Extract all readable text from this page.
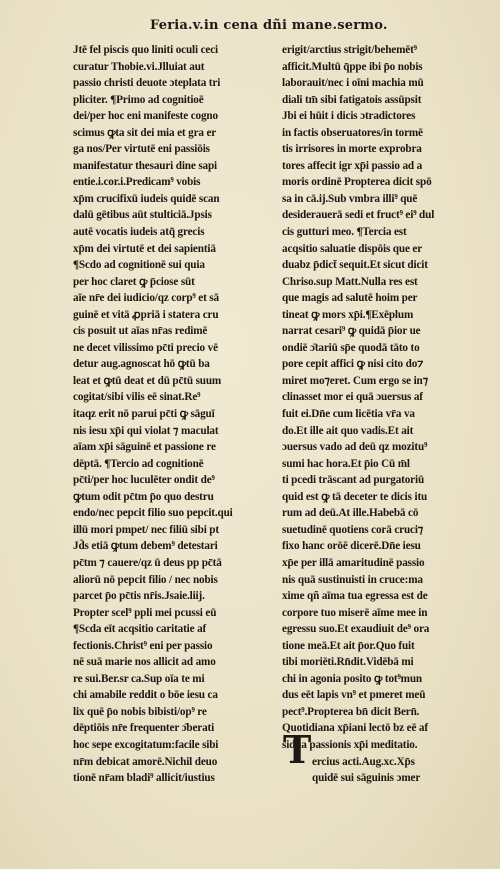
Feria.v.in cena dñi mane.sermo.
Jtē fel piscis quo liniti oculi ceci
curatur Thobie.vi.Jlluiat aut
passio christi deuote ɔteplata tri
pliciter. ¶Primo ad cognitioē
dei/per hoc eni manifeste cogno
scimus ꝙta sit dei mia et gra er
ga nos/Per virtutē eni passiōis
manifestatur thesauri dine sapi
entie.i.cor.i.Predicam⁹ vobis
xp̄m crucifixū iudeis quidē scan
dalū gētibus aūt stulticiā.Jpsis
autē vocatis iudeis atq̃ grecis
xp̄m dei virtutē et dei sapientiā
¶Scdo ad cognitionē sui quia
per hoc claret ꝙ p̄ciose sūt
aīe nr̄e dei iudicio/qz corp⁹ et sā
guinē et vitā ꝓpriā i statera cru
cis posuit ut aīas nr̄as redimē
ne decet vilissimo pc̄ti precio vē
detur aug.agnoscat hō ꝙtū ba
leat et ꝙtū deat et dū pc̄tū suum
cogitat/sibi vilis eē sinat.Re⁹
itaqz erit nō parui pc̄ti ꝙ sāguī
nis iesu xp̄i qui violat ⁊ maculat
aīam xp̄i sāguinē et passione re
dēptā. ¶Tercio ad cognitionē
pc̄ti/per hoc luculēter ondit de⁹
ꝙtum odit pc̄tm p̄o quo destru
endo/nec pepcit filio suo pepcit.qui
illū mori pmpet/ nec filiū sibi pt
Jd̄s etiā ꝙtum debem⁹ detestari
pc̄tm ⁊ cauere/qz ū deus pp pc̄tā
aliorū nō pepcit filio / nec nobis
parcet p̄o pc̄tis nr̄is.Jsaie.liij.
Propter scel⁹ ppli mei pcussi eū
¶Scda eīt acqsitio caritatie af
fectionis.Christ⁹ eni per passio
nē suā marie nos allicit ad amo
re sui.Ber.sr ca.Sup oīa te mi
chi amabile reddit o bōe iesu ca
lix quē p̄o nobis bibisti/op⁹ re
dēptiōis nr̄e frequenter ɔ̄berati
hoc sepe excogitatum:facile sibi
nr̄m debicat amorē.Nichil deuo
tionē nr̄am bladi⁹ allicit/iustius
erigit/arctius strigit/behemēt⁹
afficit.Multū q̄ppe ibi p̄o nobis
laborauit/nec i oīni machia mū
diali tm̄ sibi fatigatois assūpsit
Jbi ei hūit i dicis ɔtradictores
in factis obseruatores/in tormē
tis irrisores in morte exprobra
tores affecit igr xp̄i passio ad a
moris ordinē Propterea dicit spō
sa in cā.ij.Sub vmbra illi⁹ quē
desiderauerā sedi et fruct⁹ ei⁹ dul
cis gutturi meo. ¶Tercia est
acqsitio saluatie dispōis que er
duabz p̄dict̄ sequit.Et sicut dicit
Chriso.sup Matt.Nulla res est
que magis ad salutē hoim per
tineat ꝙ mors xp̄i.¶Exēplum
narrat cesari⁹ ꝙ quidā p̄ior ue
ondiē ɔ̄tariū sp̄e quodā tāto to
pore cepit affici ꝙ nisi cito do⁊
miret mo⁊eret. Cum ergo se in⁊
clinasset mor ei quā ɔuersus af
fuit ei.Dn̄e cum licētia vr̄a va
do.Et ille ait quo vadis.Et ait
ɔuersus vado ad deū qz mozitu⁹
sumi hac hora.Et p̄io Cū m̄l
ti pcedi trāscant ad purgatoriū
quid est ꝙ tā deceter te dicis itu
rum ad deū.At ille.Habebā cō
suetudinē quotiens corā cruci⁊
fixo hanc orōē dicerē.Dn̄e iesu
xp̄e per illā amaritudinē passio
nis quā sustinuisti in cruce:ma
xime qñ aīma tua egressa est de
corpore tuo miserē aīme mee in
egressu suo.Et exaudiuit de⁹ ora
tione meā.Et ait p̄or.Quo fuit
tibi moriēti.Rn̄dit.Vidēbā mi
chi in agonia posito ꝙ tot⁹mun
dus eēt lapis vn⁹ et pmeret meū
pect⁹.Propterea bn̄ dicit Bern̄.
Quotidiana xp̄iani lectō bz eē af
sidua passionis xp̄i meditatio.
ercius acti.Aug.xc.Xp̄s
quidē sui sāguinis ɔmer
T
